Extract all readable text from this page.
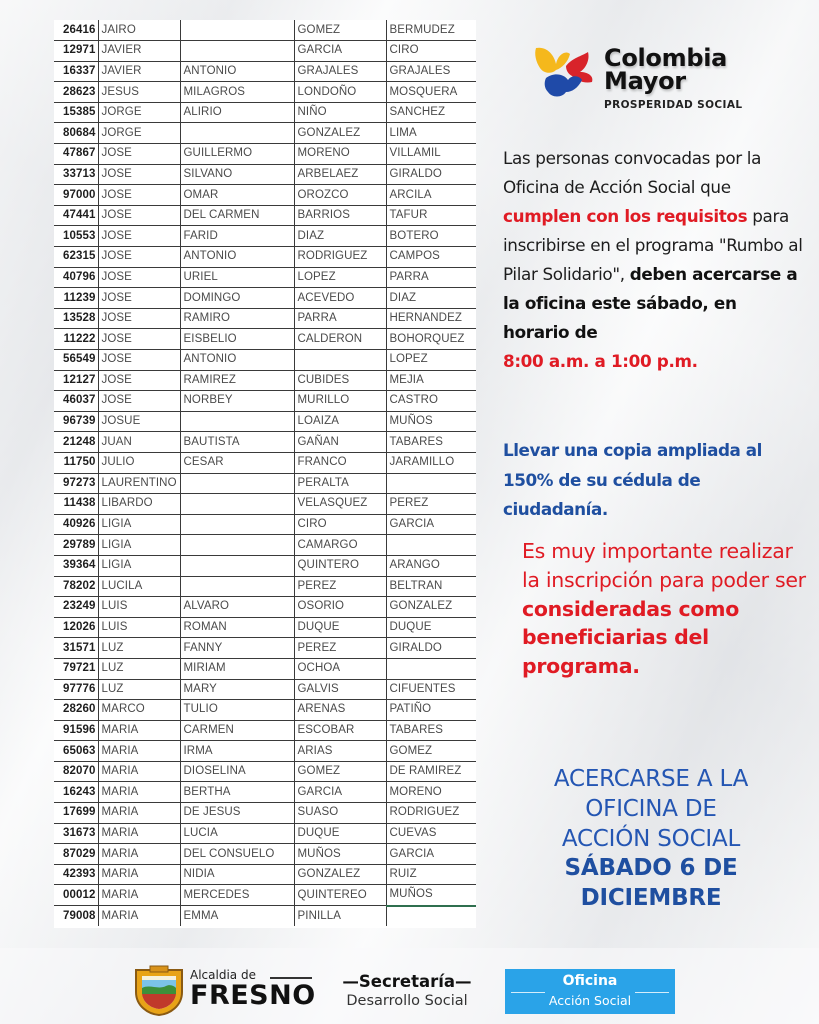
26416	JAIRO		GOMEZ	BERMUDEZ
12971	JAVIER		GARCIA	CIRO
16337	JAVIER	ANTONIO	GRAJALES	GRAJALES
28623	JESUS	MILAGROS	LONDOÑO	MOSQUERA
15385	JORGE	ALIRIO	NIÑO	SANCHEZ
80684	JORGE		GONZALEZ	LIMA
47867	JOSE	GUILLERMO	MORENO	VILLAMIL
33713	JOSE	SILVANO	ARBELAEZ	GIRALDO
97000	JOSE	OMAR	OROZCO	ARCILA
47441	JOSE	DEL CARMEN	BARRIOS	TAFUR
10553	JOSE	FARID	DIAZ	BOTERO
62315	JOSE	ANTONIO	RODRIGUEZ	CAMPOS
40796	JOSE	URIEL	LOPEZ	PARRA
11239	JOSE	DOMINGO	ACEVEDO	DIAZ
13528	JOSE	RAMIRO	PARRA	HERNANDEZ
11222	JOSE	EISBELIO	CALDERON	BOHORQUEZ
56549	JOSE	ANTONIO		LOPEZ
12127	JOSE	RAMIREZ	CUBIDES	MEJIA
46037	JOSE	NORBEY	MURILLO	CASTRO
96739	JOSUE		LOAIZA	MUÑOS
21248	JUAN	BAUTISTA	GAÑAN	TABARES
11750	JULIO	CESAR	FRANCO	JARAMILLO
97273	LAURENTINO		PERALTA	
11438	LIBARDO		VELASQUEZ	PEREZ
40926	LIGIA		CIRO	GARCIA
29789	LIGIA		CAMARGO	
39364	LIGIA		QUINTERO	ARANGO
78202	LUCILA		PEREZ	BELTRAN
23249	LUIS	ALVARO	OSORIO	GONZALEZ
12026	LUIS	ROMAN	DUQUE	DUQUE
31571	LUZ	FANNY	PEREZ	GIRALDO
79721	LUZ	MIRIAM	OCHOA	
97776	LUZ	MARY	GALVIS	CIFUENTES
28260	MARCO	TULIO	ARENAS	PATIÑO
91596	MARIA	CARMEN	ESCOBAR	TABARES
65063	MARIA	IRMA	ARIAS	GOMEZ
82070	MARIA	DIOSELINA	GOMEZ	DE RAMIREZ
16243	MARIA	BERTHA	GARCIA	MORENO
17699	MARIA	DE JESUS	SUASO	RODRIGUEZ
31673	MARIA	LUCIA	DUQUE	CUEVAS
87029	MARIA	DEL CONSUELO	MUÑOS	GARCIA
42393	MARIA	NIDIA	GONZALEZ	RUIZ
00012	MARIA	MERCEDES	QUINTEREO	MUÑOS
79008	MARIA	EMMA	PINILLA	
Colombia
Mayor
PROSPERIDAD SOCIAL
Las personas convocadas por la Oficina de Acción Social que cumplen con los requisitos para inscribirse en el programa "Rumbo al Pilar Solidario", deben acercarse a la oficina este sábado, en horario de
8:00 a.m. a 1:00 p.m.
Llevar una copia ampliada al 150% de su cédula de ciudadanía.
Es muy importante realizar la inscripción para poder ser
consideradas como beneficiarias del programa.
ACERCARSE A LA
OFICINA DE
ACCIÓN SOCIAL
SÁBADO 6 DE
DICIEMBRE
Alcaldia de
FRESNO	—Secretaría—
Desarrollo Social
Oficina
Acción Social
